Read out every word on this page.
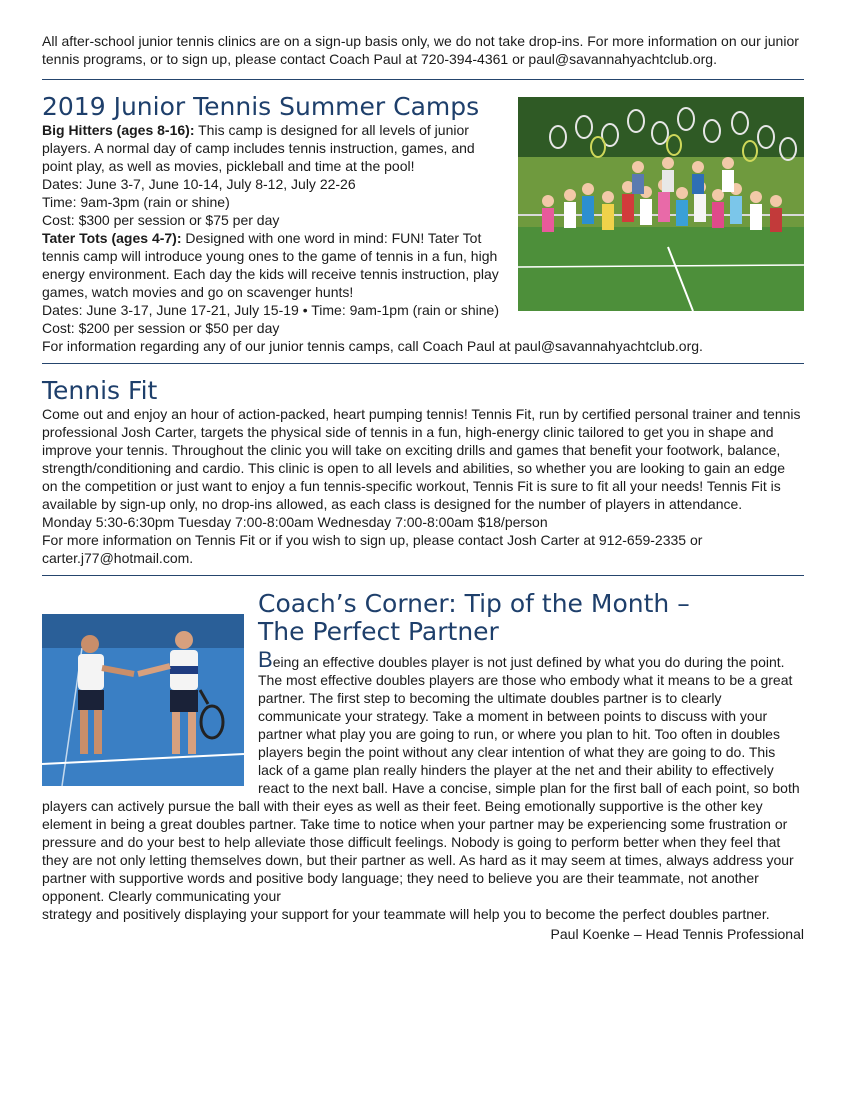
All after-school junior tennis clinics are on a sign-up basis only, we do not take drop-ins. For more information on our junior tennis programs, or to sign up, please contact Coach Paul at 720-394-4361 or paul@savannahyachtclub.org.

2019 Junior Tennis Summer Camps

Big Hitters (ages 8-16): This camp is designed for all levels of junior players. A normal day of camp includes tennis instruction, games, and point play, as well as movies, pickleball and time at the pool!

Dates: June 3-7, June 10-14, July 8-12, July 22-26

Time: 9am-3pm (rain or shine)

Cost: $300 per session or $75 per day

Tater Tots (ages 4-7): Designed with one word in mind: FUN! Tater Tot tennis camp will introduce young ones to the game of tennis in a fun, high energy environment. Each day the kids will receive tennis instruction, play games, watch movies and go on scavenger hunts!

Dates: June 3-17, June 17-21, July 15-19 • Time: 9am-1pm (rain or shine)

Cost: $200 per session or $50 per day

For information regarding any of our junior tennis camps, call Coach Paul at paul@savannahyachtclub.org.

Tennis Fit

Come out and enjoy an hour of action-packed, heart pumping tennis! Tennis Fit, run by certified personal trainer and tennis professional Josh Carter, targets the physical side of tennis in a fun, high-energy clinic tailored to get you in shape and improve your tennis. Throughout the clinic you will take on exciting drills and games that benefit your footwork, balance, strength/conditioning and cardio. This clinic is open to all levels and abilities, so whether you are looking to gain an edge on the competition or just want to enjoy a fun tennis-specific workout, Tennis Fit is sure to fit all your needs! Tennis Fit is available by sign-up only, no drop-ins allowed, as each class is designed for the number of players in attendance.

Monday 5:30-6:30pm Tuesday 7:00-8:00am Wednesday 7:00-8:00am $18/person

For more information on Tennis Fit or if you wish to sign up, please contact Josh Carter at 912-659-2335 or carter.j77@hotmail.com.

Coach’s Corner: Tip of the Month –
The Perfect Partner

Being an effective doubles player is not just defined by what you do during the point. The most effective doubles players are those who embody what it means to be a great partner. The first step to becoming the ultimate doubles partner is to clearly communicate your strategy. Take a moment in between points to discuss with your partner what play you are going to run, or where you plan to hit. Too often in doubles players begin the point without any clear intention of what they are going to do. This lack of a game plan really hinders the player at the net and their ability to effectively react to the next ball. Have a concise, simple plan for the first ball of each point, so both players can actively pursue the ball with their eyes as well as their feet. Being emotionally supportive is the other key element in being a great doubles partner. Take time to notice when your partner may be experiencing some frustration or pressure and do your best to help alleviate those difficult feelings. Nobody is going to perform better when they feel that they are not only letting themselves down, but their partner as well. As hard as it may seem at times, always address your partner with supportive words and positive body language; they need to believe you are their teammate, not another opponent. Clearly communicating your

strategy and positively displaying your support for your teammate will help you to become the perfect doubles partner.

Paul Koenke – Head Tennis Professional
